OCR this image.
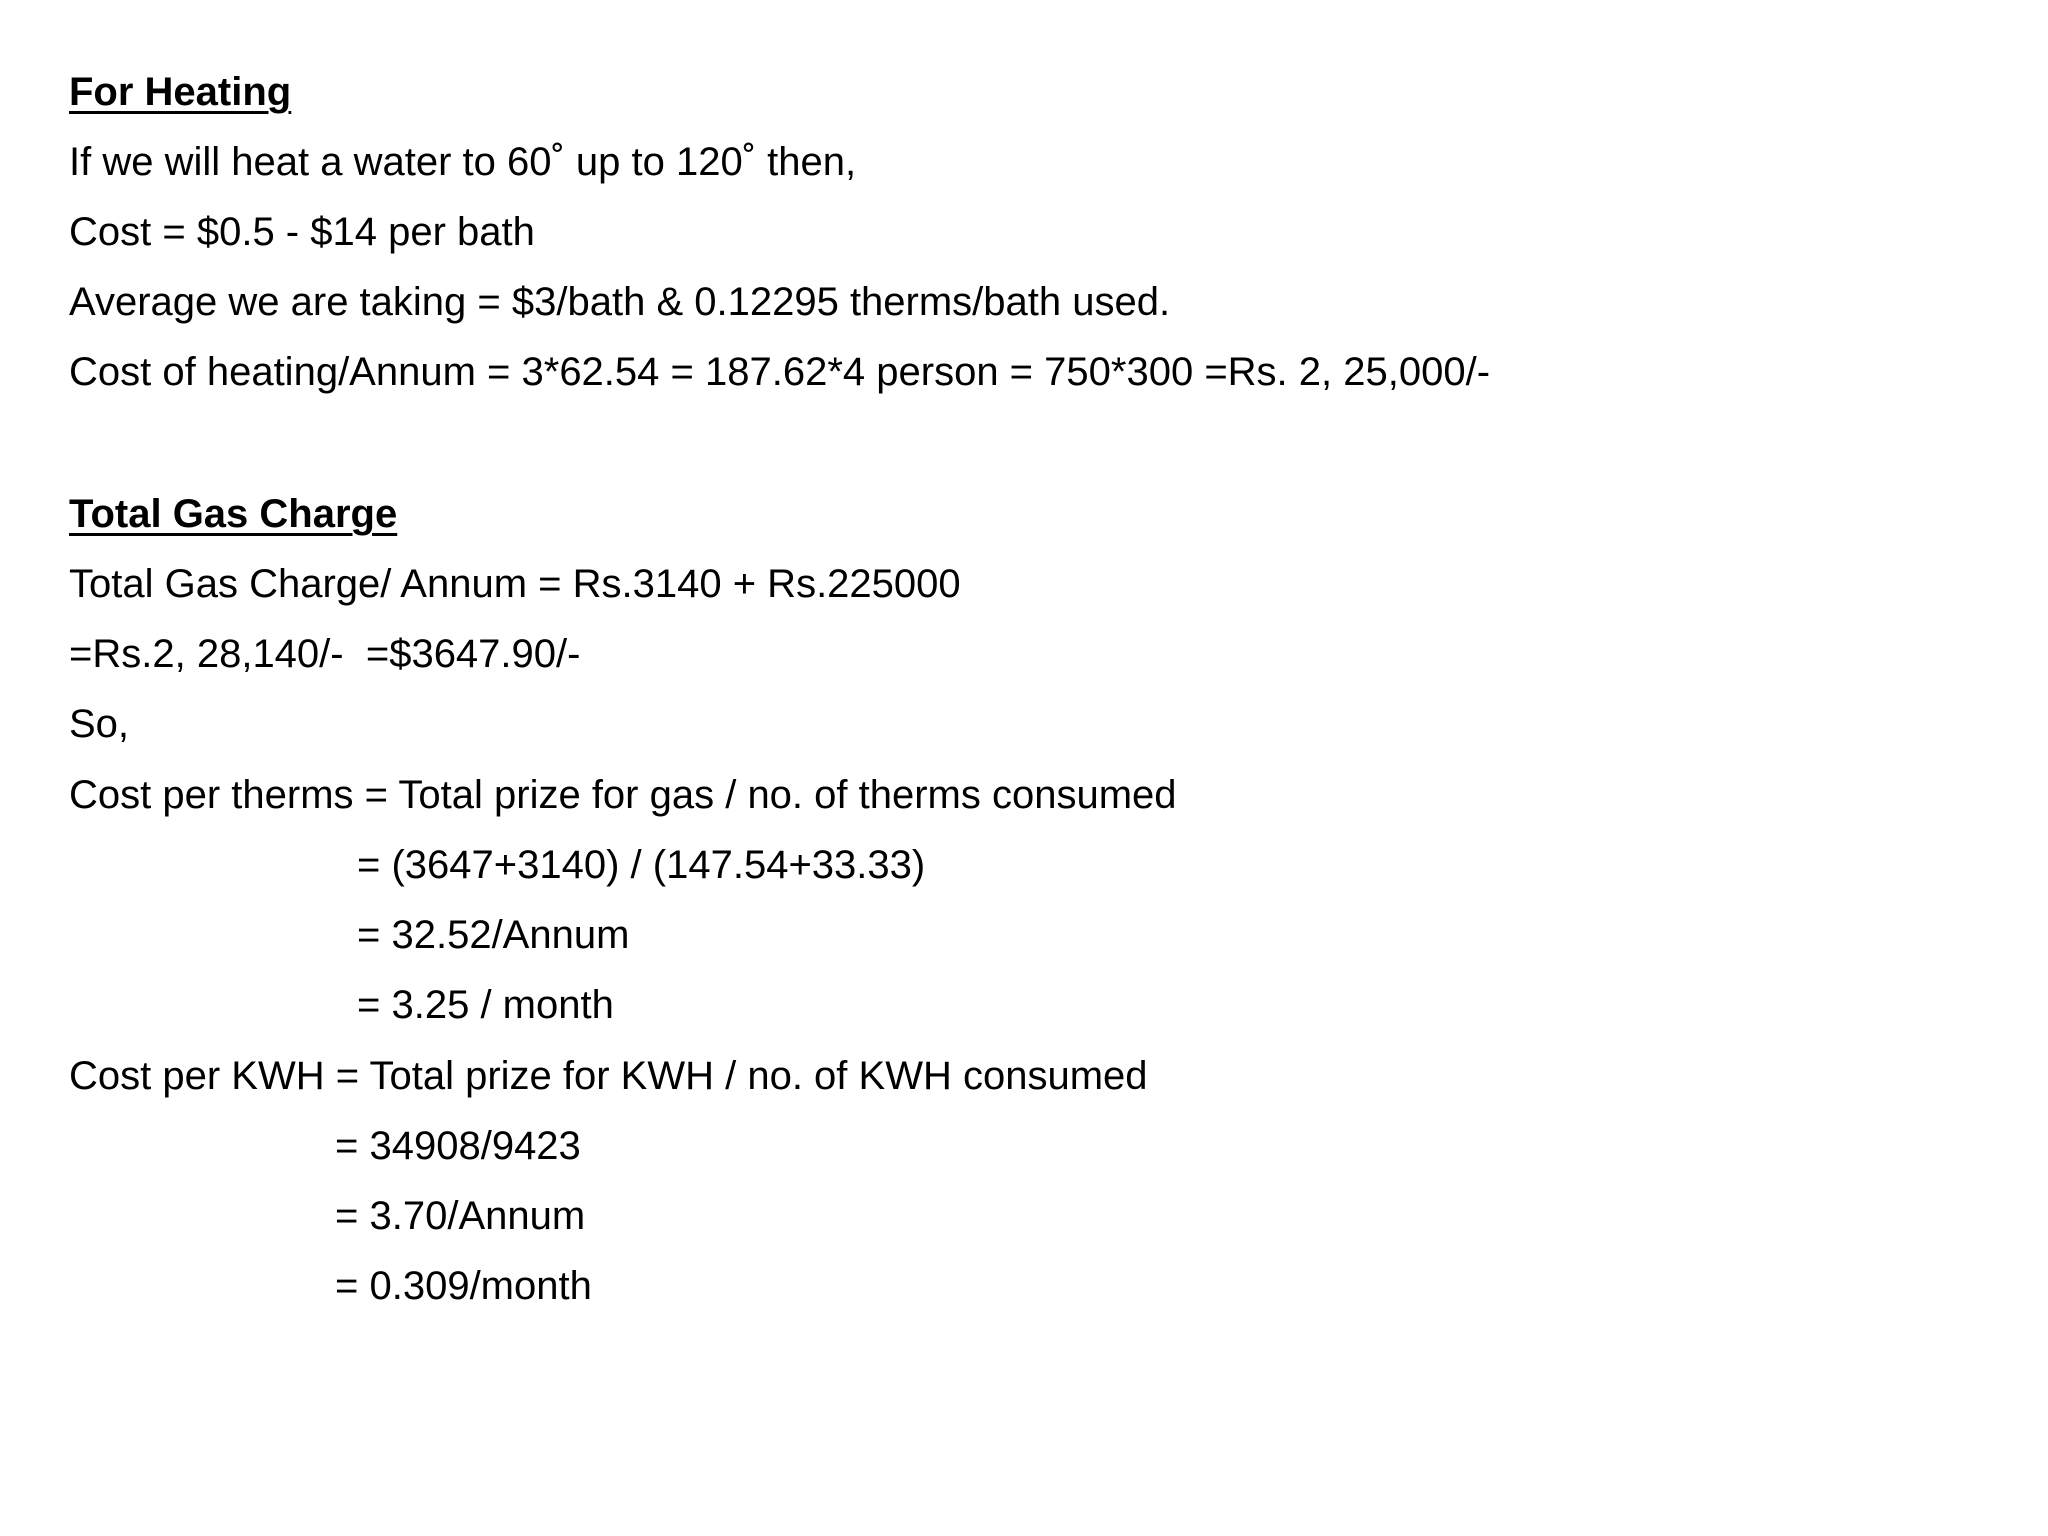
For Heating
If we will heat a water to 60˚ up to 120˚ then,
Cost = $0.5 - $14 per bath
Average we are taking = $3/bath & 0.12295 therms/bath used.
Cost of heating/Annum = 3*62.54 = 187.62*4 person = 750*300 =Rs. 2, 25,000/-
Total Gas Charge
Total Gas Charge/ Annum = Rs.3140 + Rs.225000
=Rs.2, 28,140/-  =$3647.90/-
So,
Cost per therms = Total prize for gas / no. of therms consumed
= (3647+3140) / (147.54+33.33)
= 32.52/Annum
= 3.25 / month
Cost per KWH = Total prize for KWH / no. of KWH consumed
= 34908/9423
= 3.70/Annum
= 0.309/month
